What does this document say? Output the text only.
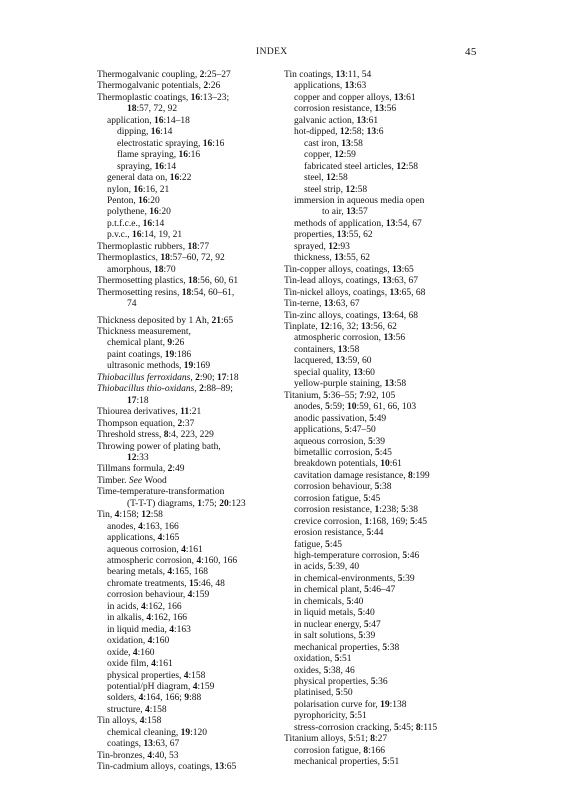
INDEX	45
Thermogalvanic coupling, 2:25–27
Thermogalvanic potentials, 2:26
Thermoplastic coatings, 16:13–23;
18:57, 72, 92
application, 16:14–18
dipping, 16:14
electrostatic spraying, 16:16
flame spraying, 16:16
spraying, 16:14
general data on, 16:22
nylon, 16:16, 21
Penton, 16:20
polythene, 16:20
p.t.f.c.e., 16:14
p.v.c., 16:14, 19, 21
Thermoplastic rubbers, 18:77
Thermoplastics, 18:57–60, 72, 92
amorphous, 18:70
Thermosetting plastics, 18:56, 60, 61
Thermosetting resins, 18:54, 60–61,
74
Thickness deposited by 1 Ah, 21:65
Thickness measurement,
chemical plant, 9:26
paint coatings, 19:186
ultrasonic methods, 19:169
Thiobacillus ferroxidans, 2:90; 17:18
Thiobacillus thio-oxidans, 2:88–89;
17:18
Thiourea derivatives, 11:21
Thompson equation, 2:37
Threshold stress, 8:4, 223, 229
Throwing power of plating bath,
12:33
Tillmans formula, 2:49
Timber. See Wood
Time-temperature-transformation
(T-T-T) diagrams, 1:75; 20:123
Tin, 4:158; 12:58
anodes, 4:163, 166
applications, 4:165
aqueous corrosion, 4:161
atmospheric corrosion, 4:160, 166
bearing metals, 4:165, 168
chromate treatments, 15:46, 48
corrosion behaviour, 4:159
in acids, 4:162, 166
in alkalis, 4:162, 166
in liquid media, 4:163
oxidation, 4:160
oxide, 4:160
oxide film, 4:161
physical properties, 4:158
potential/pH diagram, 4:159
solders, 4:164, 166; 9:88
structure, 4:158
Tin alloys, 4:158
chemical cleaning, 19:120
coatings, 13:63, 67
Tin-bronzes, 4:40, 53
Tin-cadmium alloys, coatings, 13:65
Tin coatings, 13:11, 54
applications, 13:63
copper and copper alloys, 13:61
corrosion resistance, 13:56
galvanic action, 13:61
hot-dipped, 12:58; 13:6
cast iron, 13:58
copper, 12:59
fabricated steel articles, 12:58
steel, 12:58
steel strip, 12:58
immersion in aqueous media open
to air, 13:57
methods of application, 13:54, 67
properties, 13:55, 62
sprayed, 12:93
thickness, 13:55, 62
Tin-copper alloys, coatings, 13:65
Tin-lead alloys, coatings, 13:63, 67
Tin-nickel alloys, coatings, 13:65, 68
Tin-terne, 13:63, 67
Tin-zinc alloys, coatings, 13:64, 68
Tinplate, 12:16, 32; 13:56, 62
atmospheric corrosion, 13:56
containers, 13:58
lacquered, 13:59, 60
special quality, 13:60
yellow-purple staining, 13:58
Titanium, 5:36–55; 7:92, 105
anodes, 5:59; 10:59, 61, 66, 103
anodic passivation, 5:49
applications, 5:47–50
aqueous corrosion, 5:39
bimetallic corrosion, 5:45
breakdown potentials, 10:61
cavitation damage resistance, 8:199
corrosion behaviour, 5:38
corrosion fatigue, 5:45
corrosion resistance, 1:238; 5:38
crevice corrosion, 1:168, 169; 5:45
erosion resistance, 5:44
fatigue, 5:45
high-temperature corrosion, 5:46
in acids, 5:39, 40
in chemical-environments, 5:39
in chemical plant, 5:46–47
in chemicals, 5:40
in liquid metals, 5:40
in nuclear energy, 5:47
in salt solutions, 5:39
mechanical properties, 5:38
oxidation, 5:51
oxides, 5:38, 46
physical properties, 5:36
platinised, 5:50
polarisation curve for, 19:138
pyrophoricity, 5:51
stress-corrosion cracking, 5:45; 8:115
Titanium alloys, 5:51; 8:27
corrosion fatigue, 8:166
mechanical properties, 5:51
